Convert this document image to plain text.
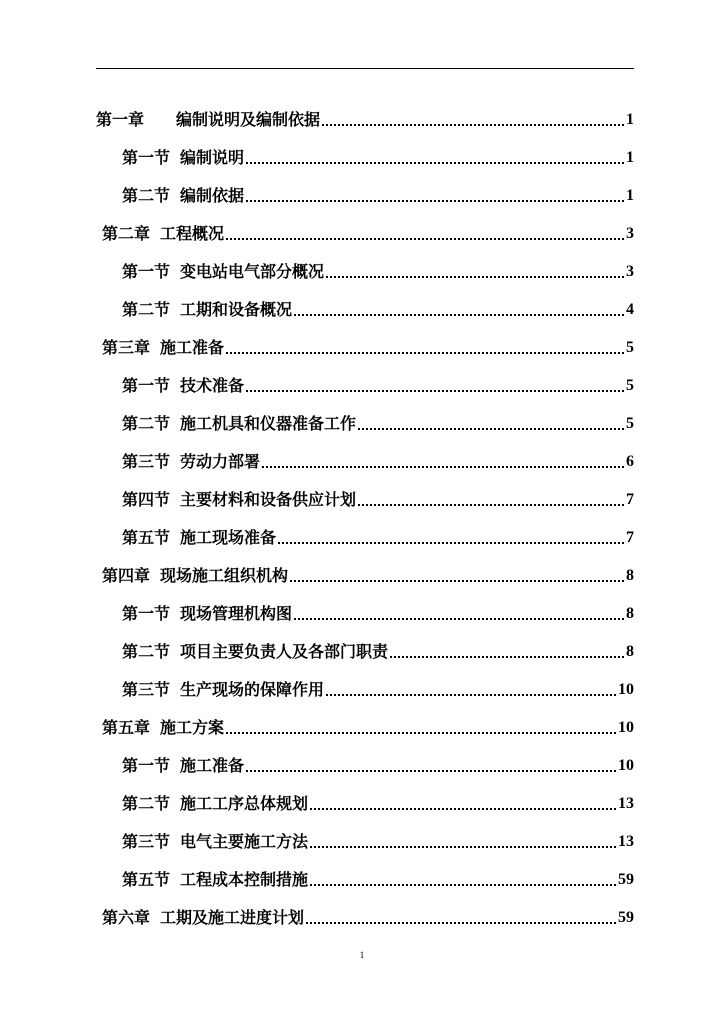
第一章 编制说明及编制依据	1
第一节 编制说明	1
第二节 编制依据	1
第二章 工程概况	3
第一节 变电站电气部分概况	3
第二节 工期和设备概况	4
第三章 施工准备	5
第一节 技术准备	5
第二节 施工机具和仪器准备工作	5
第三节 劳动力部署	6
第四节 主要材料和设备供应计划	7
第五节 施工现场准备	7
第四章 现场施工组织机构	8
第一节 现场管理机构图	8
第二节 项目主要负责人及各部门职责	8
第三节 生产现场的保障作用	10
第五章 施工方案	10
第一节 施工准备	10
第二节 施工工序总体规划	13
第三节 电气主要施工方法	13
第五节 工程成本控制措施	59
第六章 工期及施工进度计划	59
1
